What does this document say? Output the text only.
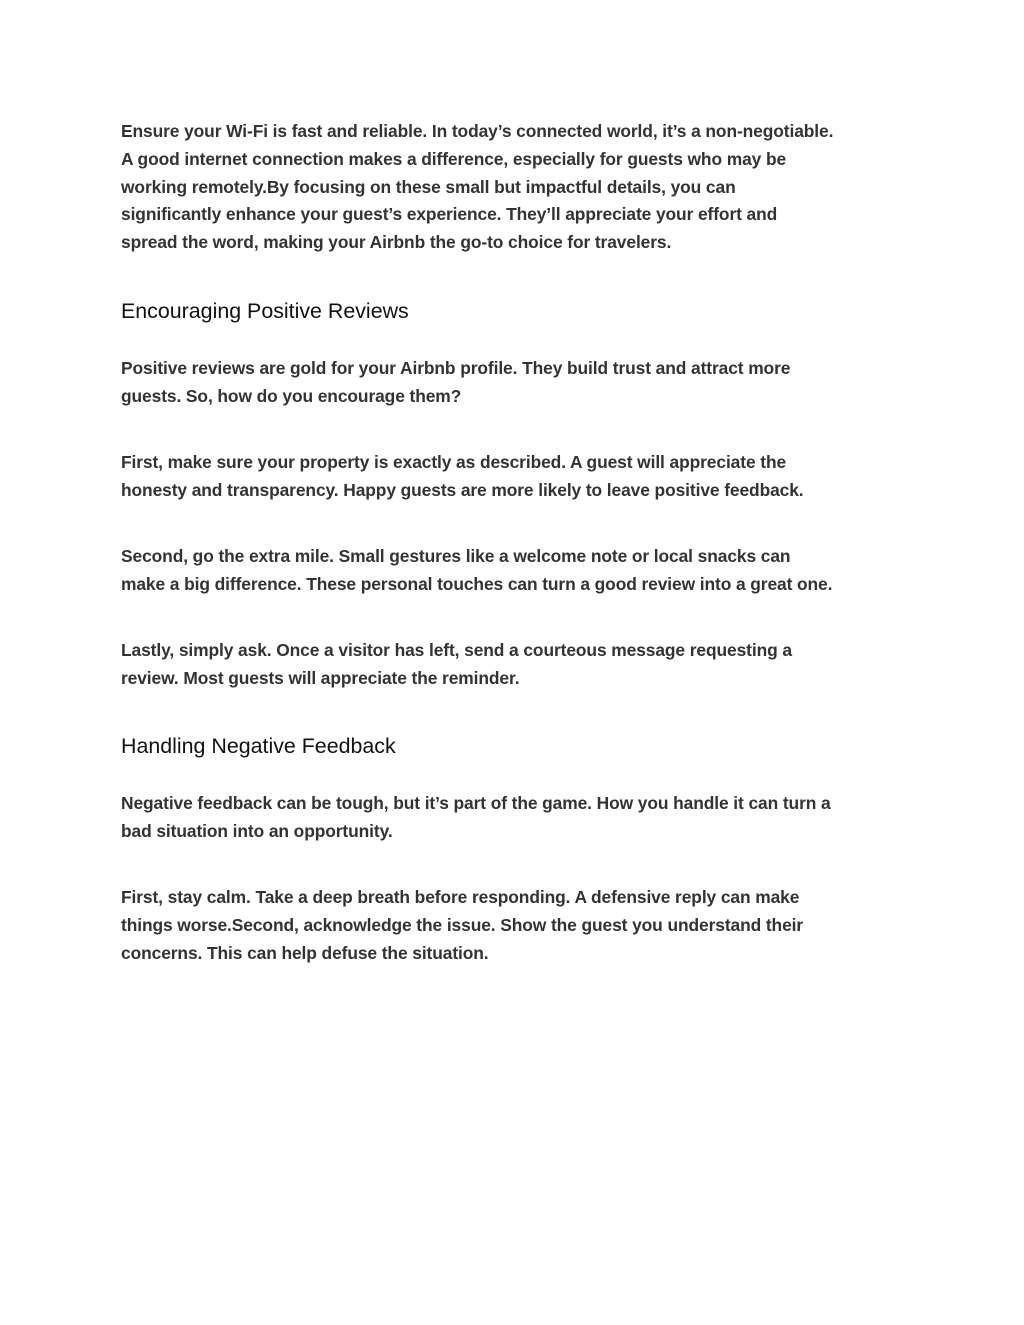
Ensure your Wi-Fi is fast and reliable. In today’s connected world, it’s a non-negotiable.
A good internet connection makes a difference, especially for guests who may be
working remotely.By focusing on these small but impactful details, you can
significantly enhance your guest’s experience. They’ll appreciate your effort and
spread the word, making your Airbnb the go-to choice for travelers.

Encouraging Positive Reviews

Positive reviews are gold for your Airbnb profile. They build trust and attract more
guests. So, how do you encourage them?

First, make sure your property is exactly as described. A guest will appreciate the
honesty and transparency. Happy guests are more likely to leave positive feedback.

Second, go the extra mile. Small gestures like a welcome note or local snacks can
make a big difference. These personal touches can turn a good review into a great one.

Lastly, simply ask. Once a visitor has left, send a courteous message requesting a
review. Most guests will appreciate the reminder.

Handling Negative Feedback

Negative feedback can be tough, but it’s part of the game. How you handle it can turn a
bad situation into an opportunity.

First, stay calm. Take a deep breath before responding. A defensive reply can make
things worse.Second, acknowledge the issue. Show the guest you understand their
concerns. This can help defuse the situation.
